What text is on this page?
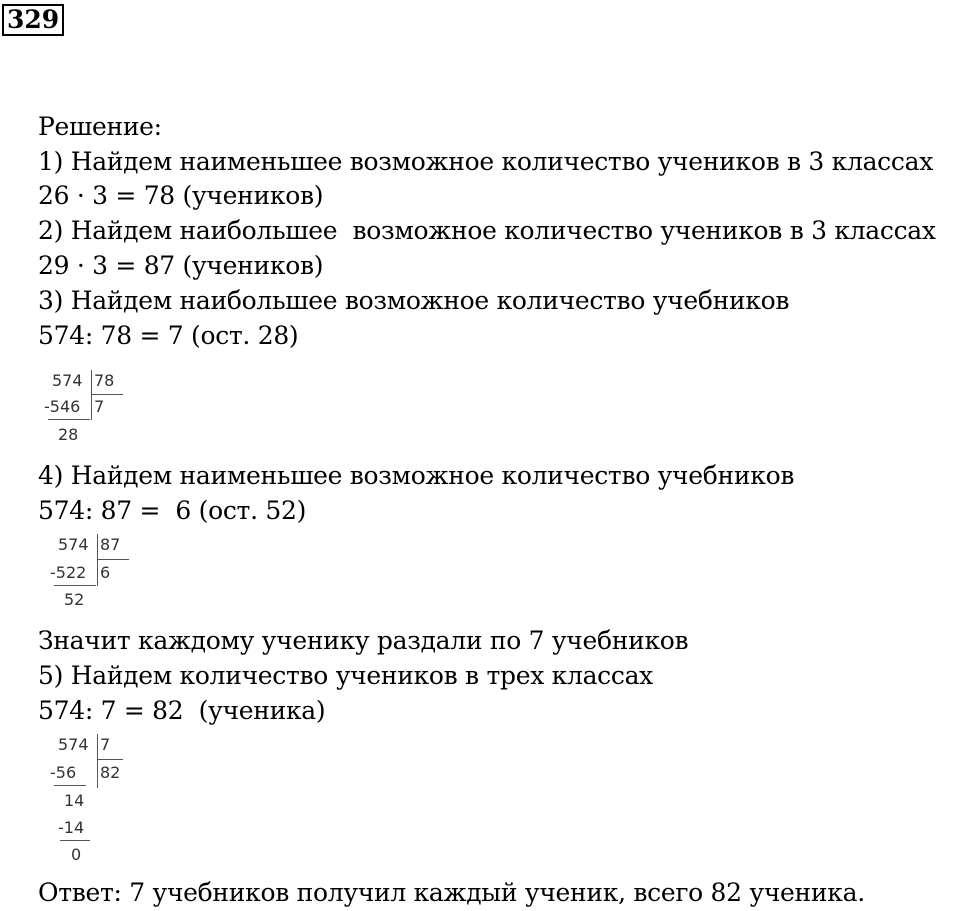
329
Решение:
1) Найдем наименьшее возможное количество учеников в 3 классах
26 · 3 = 78 (учеников)
2) Найдем наибольшее  возможное количество учеников в 3 классах
29 · 3 = 87 (учеников)
3) Найдем наибольшее возможное количество учебников
574: 78 = 7 (ост. 28)
574 78
-546 7
28
4) Найдем наименьшее возможное количество учебников
574: 87 =  6 (ост. 52)
574 87
-522 6
52
Значит каждому ученику раздали по 7 учебников
5) Найдем количество учеников в трех классах
574: 7 = 82  (ученика)
574 7
-56 82
14
-14
0
Ответ: 7 учебников получил каждый ученик, всего 82 ученика.
